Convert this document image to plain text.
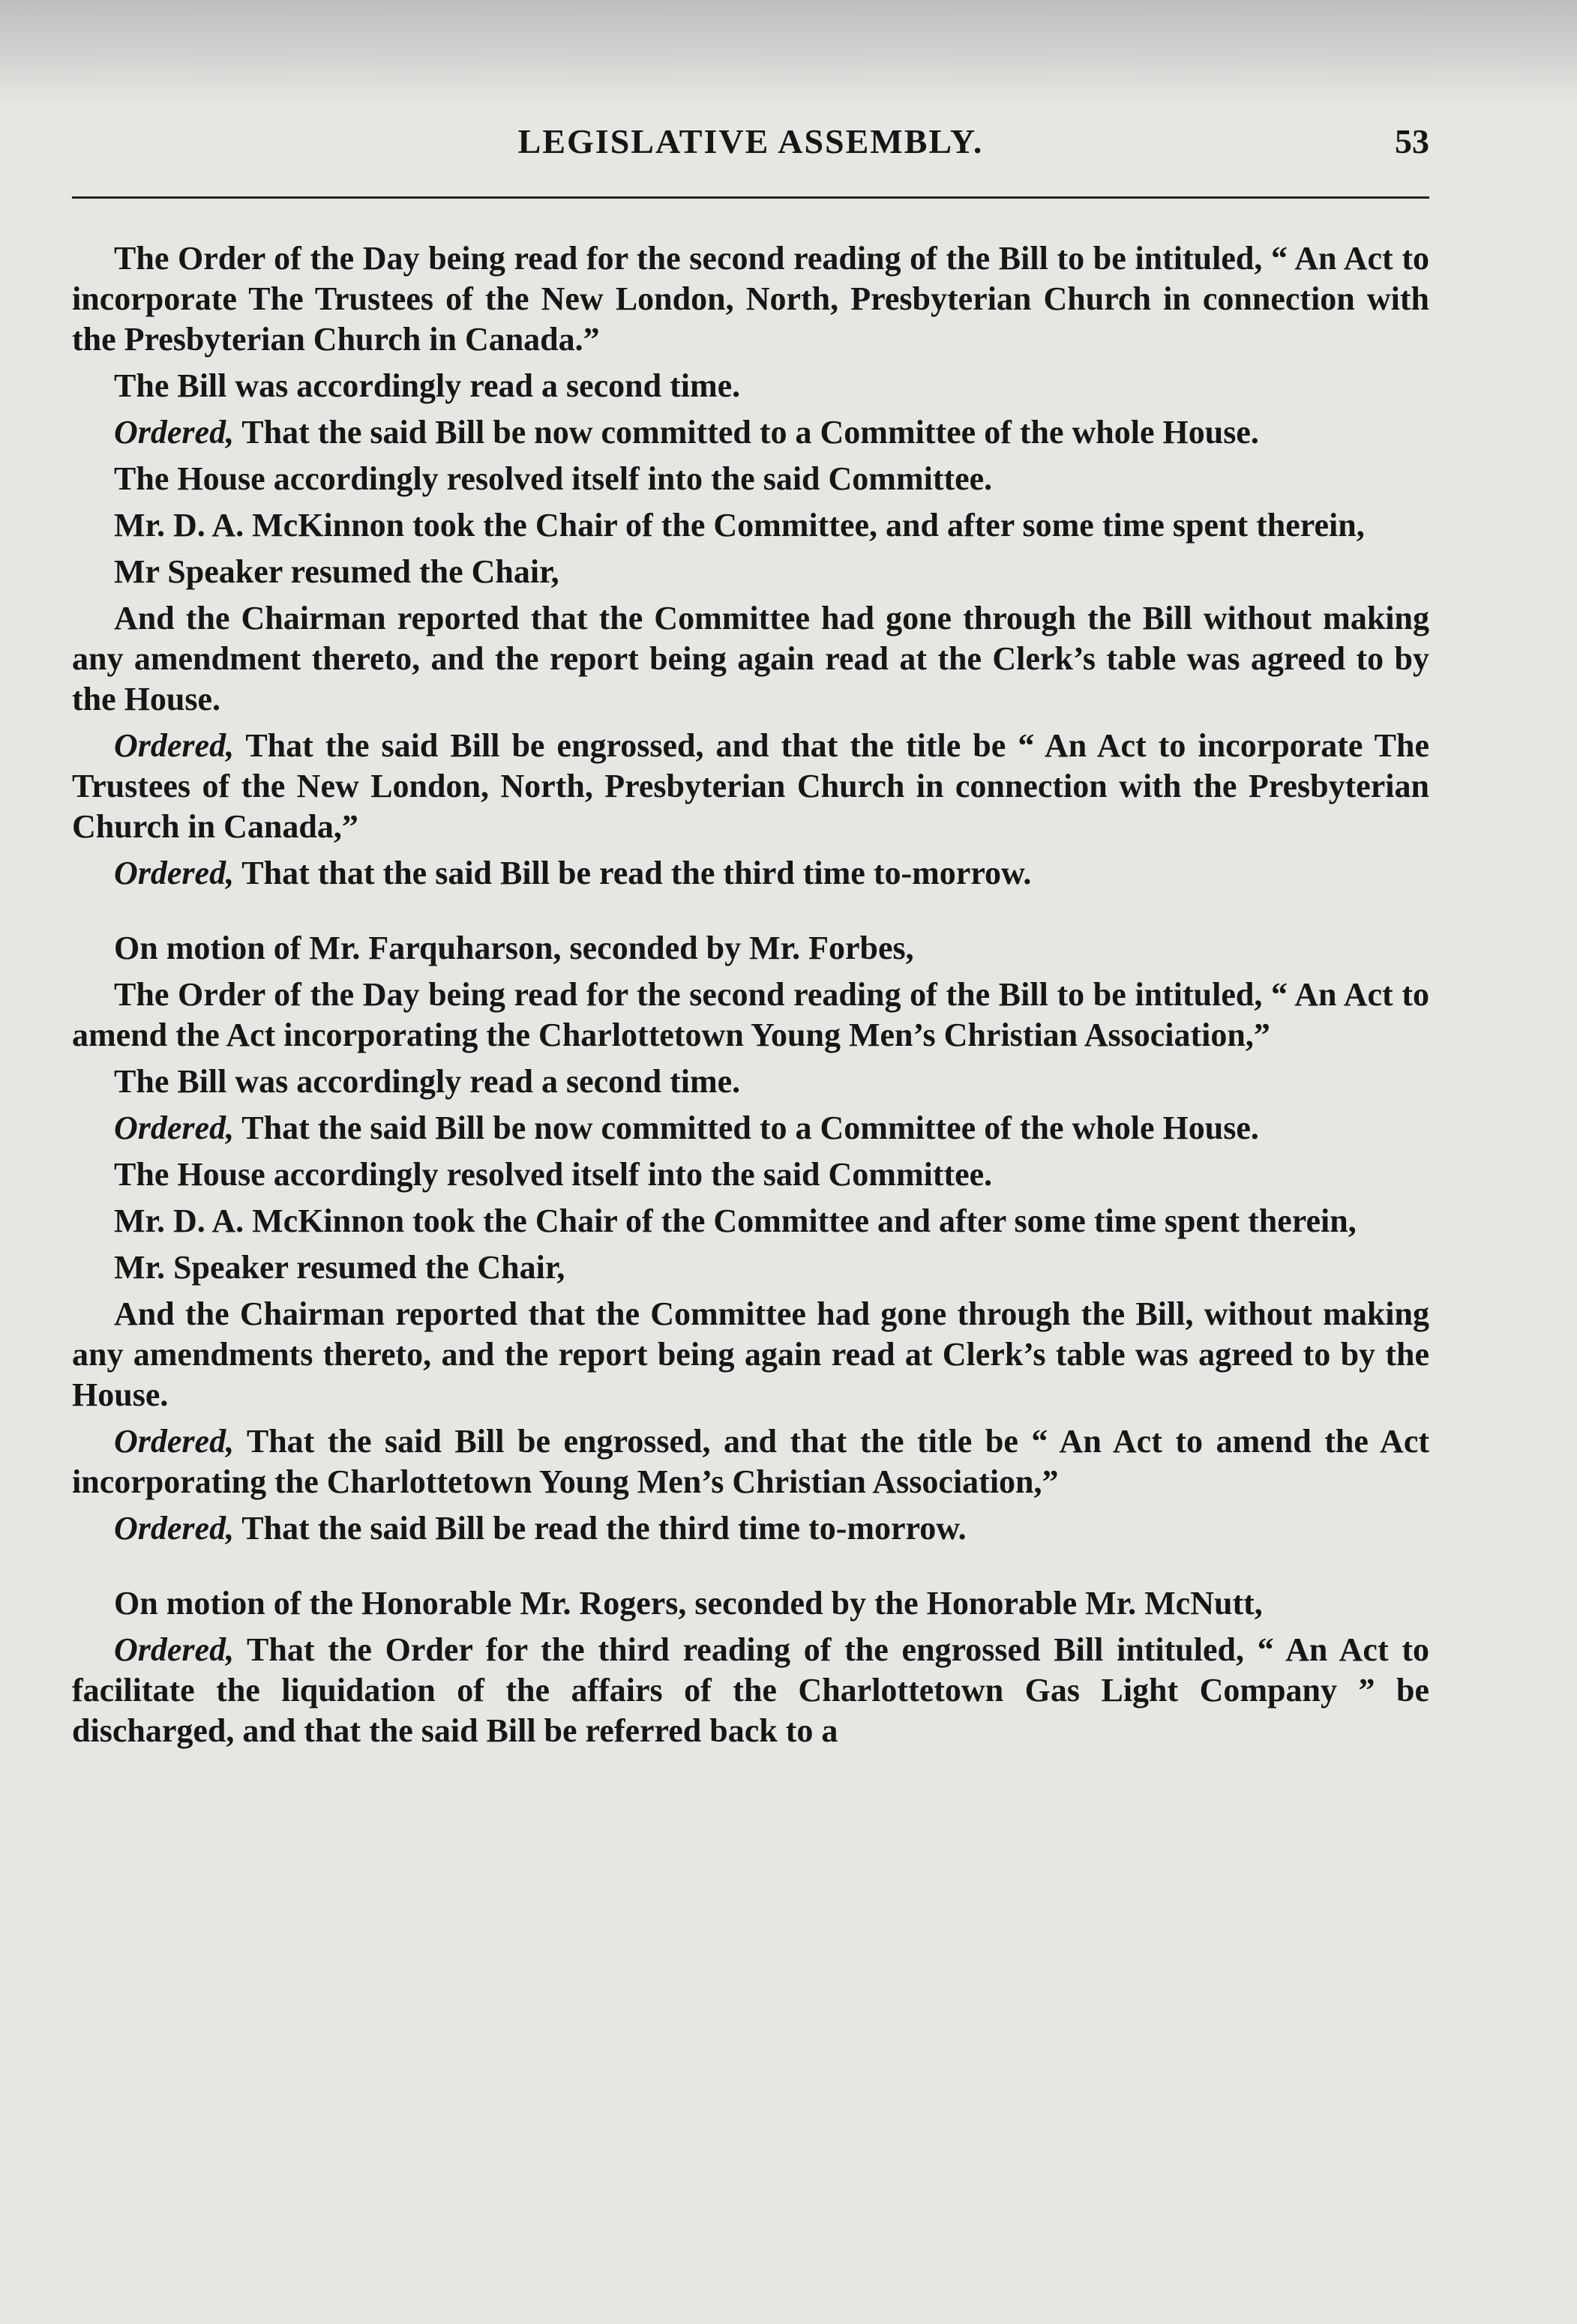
LEGISLATIVE ASSEMBLY.	53

The Order of the Day being read for the second reading of the Bill to be intituled, “ An Act to incorporate The Trustees of the New London, North, Presbyterian Church in connection with the Presbyterian Church in Canada.”

The Bill was accordingly read a second time.

Ordered, That the said Bill be now committed to a Committee of the whole House.

The House accordingly resolved itself into the said Committee.

Mr. D. A. McKinnon took the Chair of the Committee, and after some time spent therein,

Mr Speaker resumed the Chair,

And the Chairman reported that the Committee had gone through the Bill without making any amendment thereto, and the report being again read at the Clerk’s table was agreed to by the House.

Ordered, That the said Bill be engrossed, and that the title be “ An Act to incorporate The Trustees of the New London, North, Presbyterian Church in connection with the Presbyterian Church in Canada,”

Ordered, That that the said Bill be read the third time to-morrow.

On motion of Mr. Farquharson, seconded by Mr. Forbes,

The Order of the Day being read for the second reading of the Bill to be intituled, “ An Act to amend the Act incorporating the Charlottetown Young Men’s Christian Association,”

The Bill was accordingly read a second time.

Ordered, That the said Bill be now committed to a Committee of the whole House.

The House accordingly resolved itself into the said Committee.

Mr. D. A. McKinnon took the Chair of the Committee and after some time spent therein,

Mr. Speaker resumed the Chair,

And the Chairman reported that the Committee had gone through the Bill, without making any amendments thereto, and the report being again read at Clerk’s table was agreed to by the House.

Ordered, That the said Bill be engrossed, and that the title be “ An Act to amend the Act incorporating the Charlottetown Young Men’s Christian Association,”

Ordered, That the said Bill be read the third time to-morrow.

On motion of the Honorable Mr. Rogers, seconded by the Honorable Mr. McNutt,

Ordered, That the Order for the third reading of the engrossed Bill intituled, “ An Act to facilitate the liquidation of the affairs of the Charlottetown Gas Light Company ” be discharged, and that the said Bill be referred back to a
